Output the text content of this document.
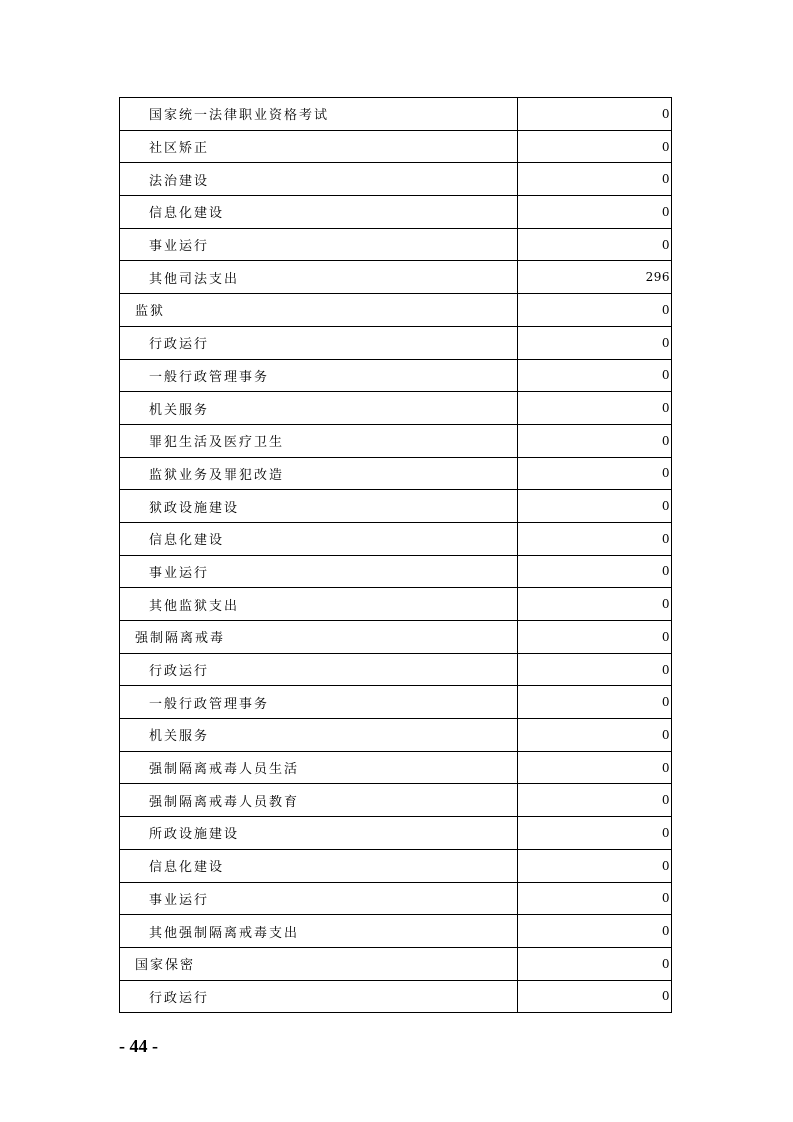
国家统一法律职业资格考试	0
社区矫正	0
法治建设	0
信息化建设	0
事业运行	0
其他司法支出	296
监狱	0
行政运行	0
一般行政管理事务	0
机关服务	0
罪犯生活及医疗卫生	0
监狱业务及罪犯改造	0
狱政设施建设	0
信息化建设	0
事业运行	0
其他监狱支出	0
强制隔离戒毒	0
行政运行	0
一般行政管理事务	0
机关服务	0
强制隔离戒毒人员生活	0
强制隔离戒毒人员教育	0
所政设施建设	0
信息化建设	0
事业运行	0
其他强制隔离戒毒支出	0
国家保密	0
行政运行	0
- 44 -
